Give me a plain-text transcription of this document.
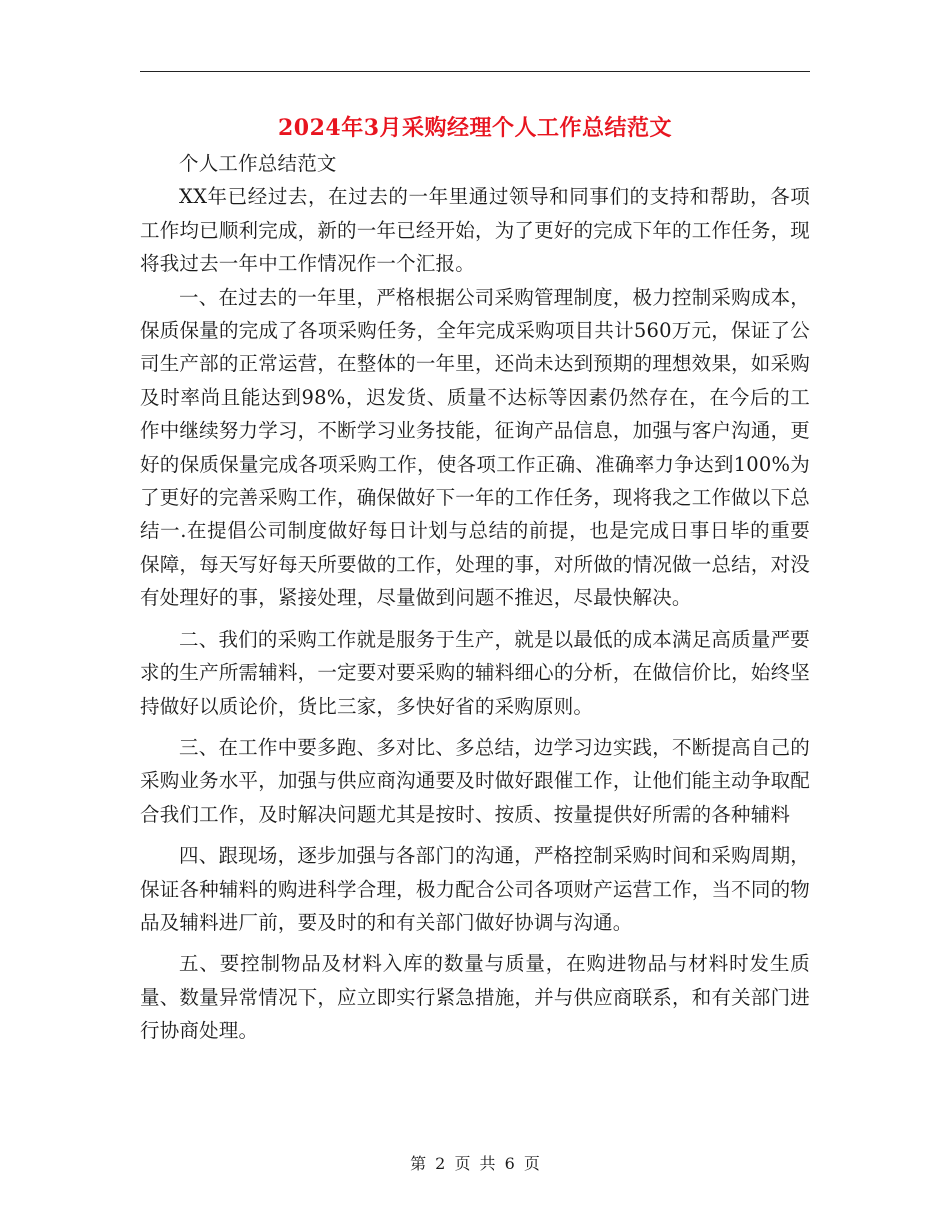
2024年3月采购经理个人工作总结范文

个人工作总结范文

XX年已经过去，在过去的一年里通过领导和同事们的支持和帮助，各项工作均已顺利完成，新的一年已经开始，为了更好的完成下年的工作任务，现将我过去一年中工作情况作一个汇报。

一、在过去的一年里，严格根据公司采购管理制度，极力控制采购成本，保质保量的完成了各项采购任务，全年完成采购项目共计560万元，保证了公司生产部的正常运营，在整体的一年里，还尚未达到预期的理想效果，如采购及时率尚且能达到98%，迟发货、质量不达标等因素仍然存在，在今后的工作中继续努力学习，不断学习业务技能，征询产品信息，加强与客户沟通，更好的保质保量完成各项采购工作，使各项工作正确、准确率力争达到100%为了更好的完善采购工作，确保做好下一年的工作任务，现将我之工作做以下总结一.在提倡公司制度做好每日计划与总结的前提，也是完成日事日毕的重要保障，每天写好每天所要做的工作，处理的事，对所做的情况做一总结，对没有处理好的事，紧接处理，尽量做到问题不推迟，尽最快解决。

二、我们的采购工作就是服务于生产，就是以最低的成本满足高质量严要求的生产所需辅料，一定要对要采购的辅料细心的分析，在做信价比，始终坚持做好以质论价，货比三家，多快好省的采购原则。

三、在工作中要多跑、多对比、多总结，边学习边实践，不断提高自己的采购业务水平，加强与供应商沟通要及时做好跟催工作，让他们能主动争取配合我们工作，及时解决问题尤其是按时、按质、按量提供好所需的各种辅料

四、跟现场，逐步加强与各部门的沟通，严格控制采购时间和采购周期，保证各种辅料的购进科学合理，极力配合公司各项财产运营工作，当不同的物品及辅料进厂前，要及时的和有关部门做好协调与沟通。

五、要控制物品及材料入库的数量与质量，在购进物品与材料时发生质量、数量异常情况下，应立即实行紧急措施，并与供应商联系，和有关部门进行协商处理。

第 2 页 共 6 页
